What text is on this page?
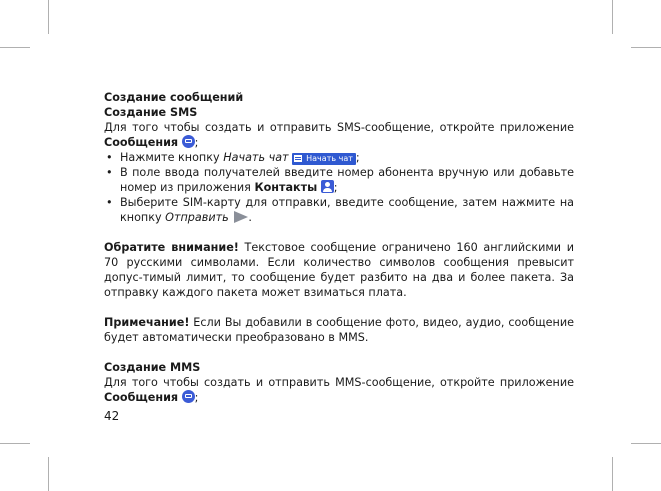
Создание сообщений

Создание SMS

Для того чтобы создать и отправить SMS-сообщение, откройте приложение Сообщения ;

• Нажмите кнопку Начать чат Начать чат ;
• В поле ввода получателей введите номер абонента вручную или добавьте номер из приложения Контакты ;
• Выберите SIM-карту для отправки, введите сообщение, затем нажмите на кнопку Отправить .

Обратите внимание! Текстовое сообщение ограничено 160 английскими и 70 русскими символами. Если количество символов сообщения превысит допус-тимый лимит, то сообщение будет разбито на два и более пакета. За отправку каждого пакета может взиматься плата.

Примечание! Если Вы добавили в сообщение фото, видео, аудио, сообщение будет автоматически преобразовано в MMS.

Создание MMS

Для того чтобы создать и отправить MMS-сообщение, откройте приложение Сообщения ;

42
